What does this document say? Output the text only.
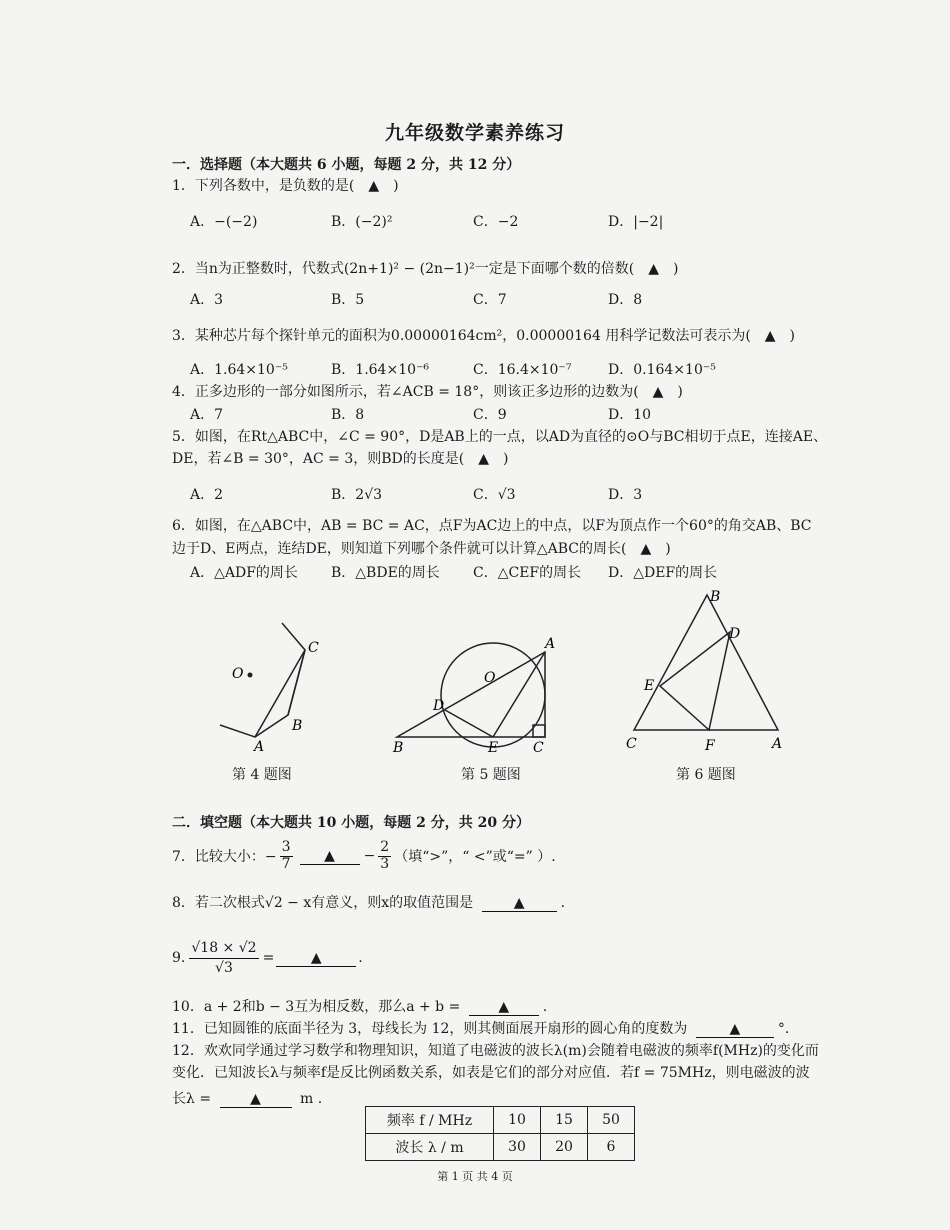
九年级数学素养练习
一．选择题（本大题共 6 小题，每题 2 分，共 12 分）
1．下列各数中，是负数的是(　▲　)
A．−(−2)	B．(−2)²	C．−2	D．|−2|
2．当n为正整数时，代数式(2n+1)² − (2n−1)²一定是下面哪个数的倍数(　▲　)
A．3	B．5	C．7	D．8
3．某种芯片每个探针单元的面积为0.00000164cm²，0.00000164 用科学记数法可表示为(　▲　)
A．1.64×10⁻⁵	B．1.64×10⁻⁶	C．16.4×10⁻⁷	D．0.164×10⁻⁵
4．正多边形的一部分如图所示，若∠ACB = 18°，则该正多边形的边数为(　▲　)
A．7	B．8	C．9	D．10
5．如图，在Rt△ABC中，∠C = 90°，D是AB上的一点，以AD为直径的⊙O与BC相切于点E，连接AE、
DE，若∠B = 30°，AC = 3，则BD的长度是(　▲　)
A．2	B．2√3	C．√3	D．3
6．如图，在△ABC中，AB = BC = AC，点F为AC边上的中点，以F为顶点作一个60°的角交AB、BC
边于D、E两点，连结DE，则知道下列哪个条件就可以计算△ABC的周长(　▲　)
A．△ADF的周长 B．△BDE的周长 C．△CEF的周长 D．△DEF的周长
O
C
B
A
第 4 题图
A
O
D
B	E C
第 5 题图
B
D
E
C	F	A
第 6 题图
二．填空题（本大题共 10 小题，每题 2 分，共 20 分）
7．比较大小：− $\frac{3}{7}$	▲	− $\frac{2}{3}$ （填“>”，“ <”或“=” ）.
8．若二次根式√2 − x有意义，则x的取值范围是	▲	.
9. $\frac{√18 \times √2}{√3}$ =	▲	.
10．a + 2和b − 3互为相反数，那么a + b =	▲ .
11．已知圆锥的底面半径为 3，母线长为 12，则其侧面展开扇形的圆心角的度数为	▲	°.
12．欢欢同学通过学习数学和物理知识，知道了电磁波的波长λ(m)会随着电磁波的频率f(MHz)的变化而
变化．已知波长λ与频率f是反比例函数关系，如表是它们的部分对应值．若f = 75MHz，则电磁波的波
长λ =	▲	m .
频率 f / MHz	10	15	50
波长 λ / m	30	20	6
第 1 页 共 4 页
